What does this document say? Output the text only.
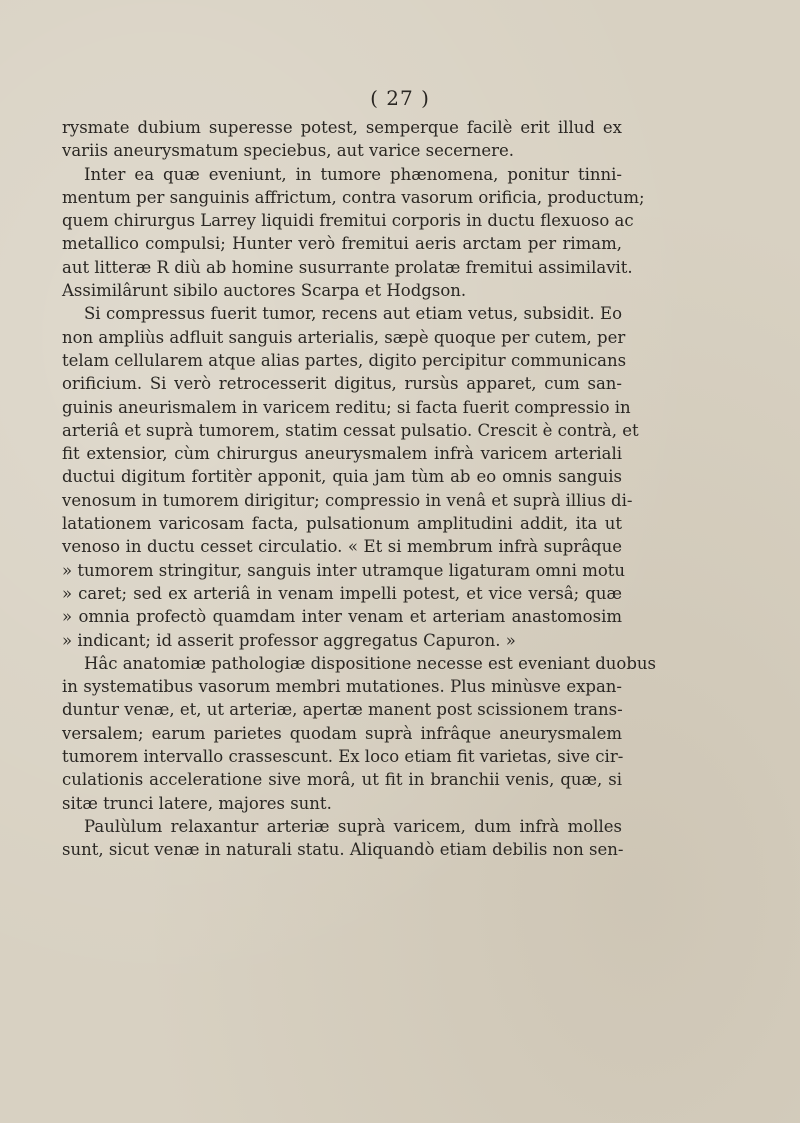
( 27 )
rysmate dubium superesse potest, semperque facilè erit illud ex
variis aneurysmatum speciebus, aut varice secernere.
Inter ea quæ eveniunt, in tumore phænomena, ponitur tinni-
mentum per sanguinis affrictum, contra vasorum orificia, productum;
quem chirurgus Larrey liquidi fremitui corporis in ductu flexuoso ac
metallico compulsi; Hunter verò fremitui aeris arctam per rimam,
aut litteræ R diù ab homine susurrante prolatæ fremitui assimilavit.
Assimilârunt sibilo auctores Scarpa et Hodgson.
Si compressus fuerit tumor, recens aut etiam vetus, subsidit. Eo
non ampliùs adfluit sanguis arterialis, sæpè quoque per cutem, per
telam cellularem atque alias partes, digito percipitur communicans
orificium. Si verò retrocesserit digitus, rursùs apparet, cum san-
guinis aneurismalem in varicem reditu; si facta fuerit compressio in
arteriâ et suprà tumorem, statim cessat pulsatio. Crescit è contrà, et
fit extensior, cùm chirurgus aneurysmalem infrà varicem arteriali
ductui digitum fortitèr apponit, quia jam tùm ab eo omnis sanguis
venosum in tumorem dirigitur; compressio in venâ et suprà illius di-
latationem varicosam facta, pulsationum amplitudini addit, ita ut
venoso in ductu cesset circulatio. « Et si membrum infrà suprâque
» tumorem stringitur, sanguis inter utramque ligaturam omni motu
» caret; sed ex arteriâ in venam impelli potest, et vice versâ; quæ
» omnia profectò quamdam inter venam et arteriam anastomosim
» indicant; id asserit professor aggregatus Capuron. »
Hâc anatomiæ pathologiæ dispositione necesse est eveniant duobus
in systematibus vasorum membri mutationes. Plus minùsve expan-
duntur venæ, et, ut arteriæ, apertæ manent post scissionem trans-
versalem; earum parietes quodam suprà infrâque aneurysmalem
tumorem intervallo crassescunt. Ex loco etiam fit varietas, sive cir-
culationis acceleratione sive morâ, ut fit in branchii venis, quæ, si
sitæ trunci latere, majores sunt.
Paulùlum relaxantur arteriæ suprà varicem, dum infrà molles
sunt, sicut venæ in naturali statu. Aliquandò etiam debilis non sen-
